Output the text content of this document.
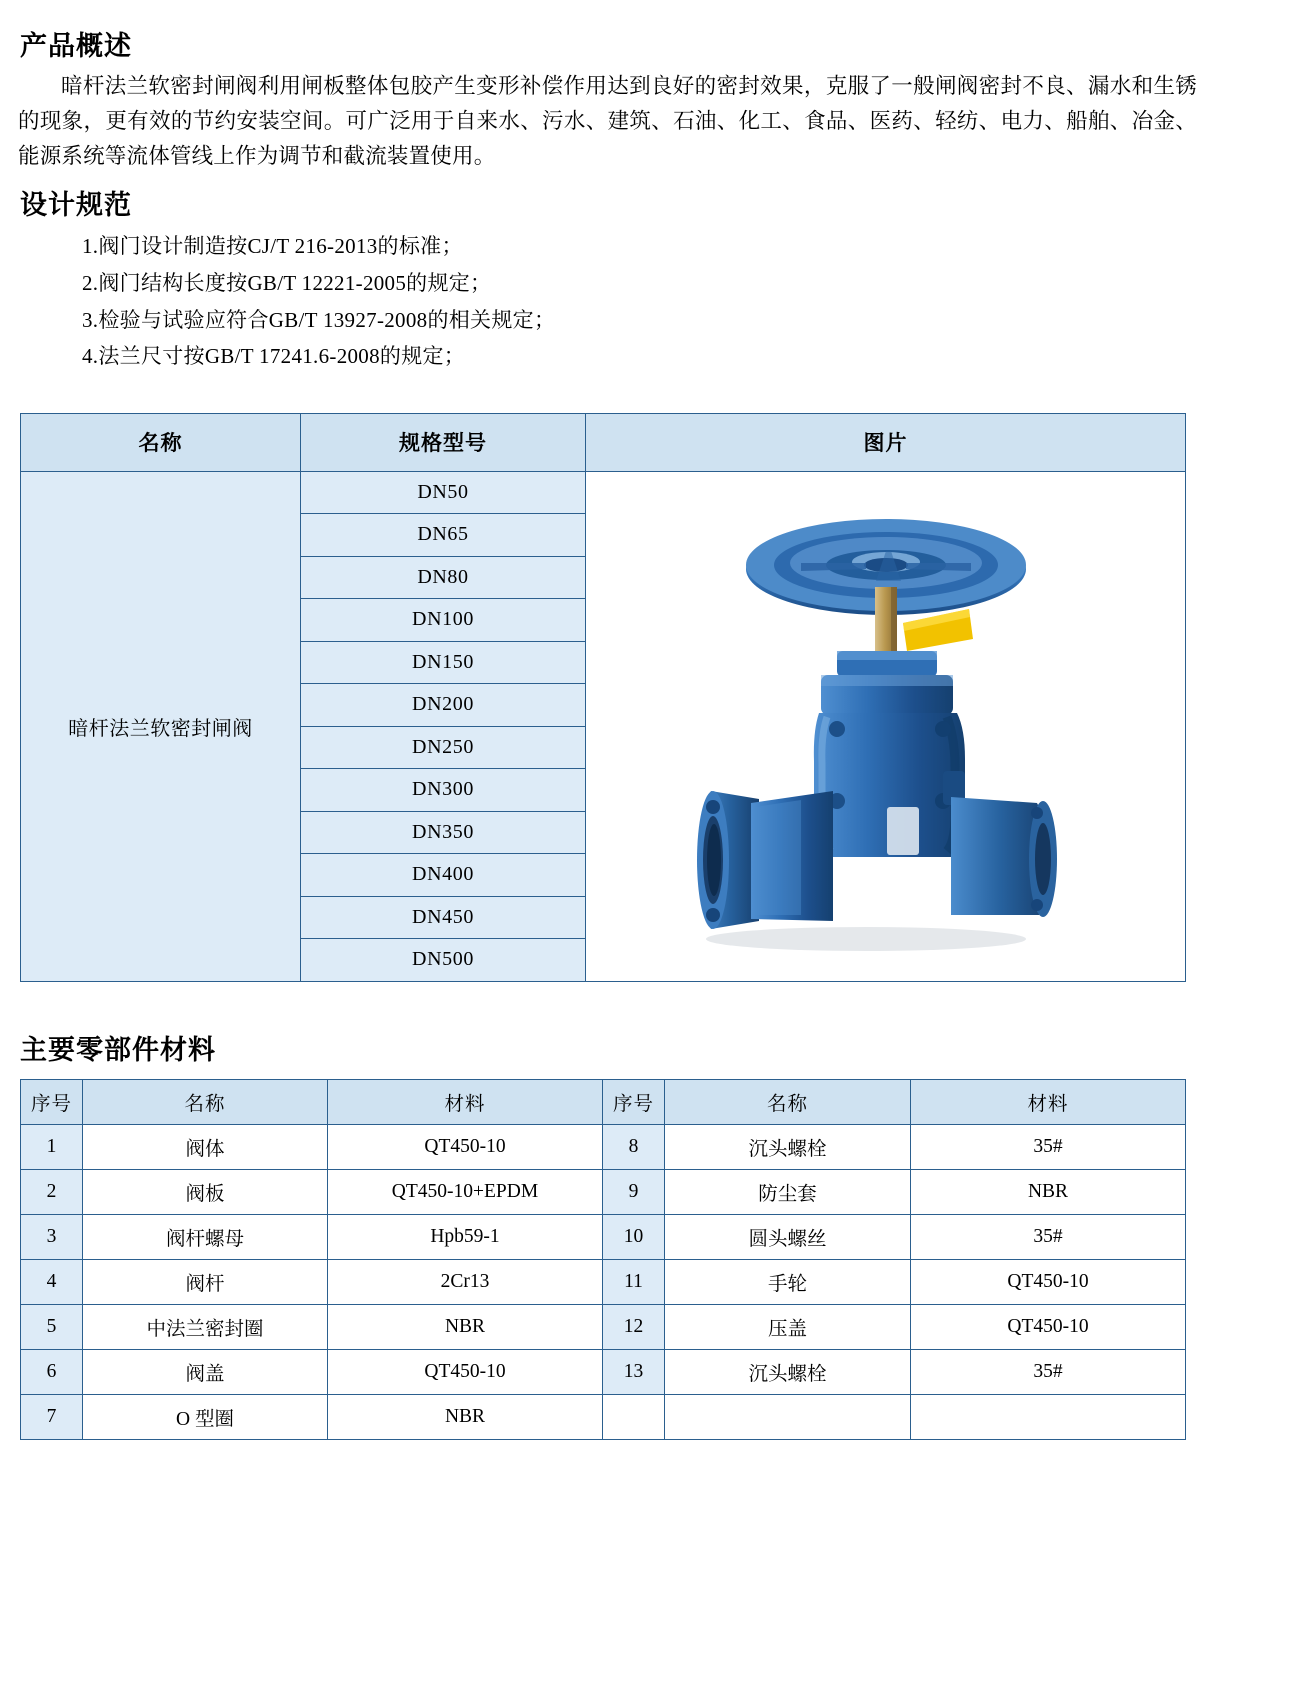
产品概述

暗杆法兰软密封闸阀利用闸板整体包胶产生变形补偿作用达到良好的密封效果，克服了一般闸阀密封不良、漏水和生锈的现象，更有效的节约安装空间。可广泛用于自来水、污水、建筑、石油、化工、食品、医药、轻纺、电力、船舶、冶金、能源系统等流体管线上作为调节和截流装置使用。

设计规范
1.阀门设计制造按CJ/T 216-2013的标准；
2.阀门结构长度按GB/T 12221-2005的规定；
3.检验与试验应符合GB/T 13927-2008的相关规定；
4.法兰尺寸按GB/T 17241.6-2008的规定；
名称	规格型号	图片
暗杆法兰软密封闸阀	DN50	

	DN65	
	DN80	
	DN100	
	DN150	
	DN200	
	DN250	
	DN300	
	DN350	
	DN400	
	DN450	
	DN500	
主要零部件材料
序号	名称	材料	序号	名称	材料
1	阀体	QT450-10	8	沉头螺栓	35#
2	阀板	QT450-10+EPDM	9	防尘套	NBR
3	阀杆螺母	Hpb59-1	10	圆头螺丝	35#
4	阀杆	2Cr13	11	手轮	QT450-10
5	中法兰密封圈	NBR	12	压盖	QT450-10
6	阀盖	QT450-10	13	沉头螺栓	35#
7	O 型圈	NBR			
